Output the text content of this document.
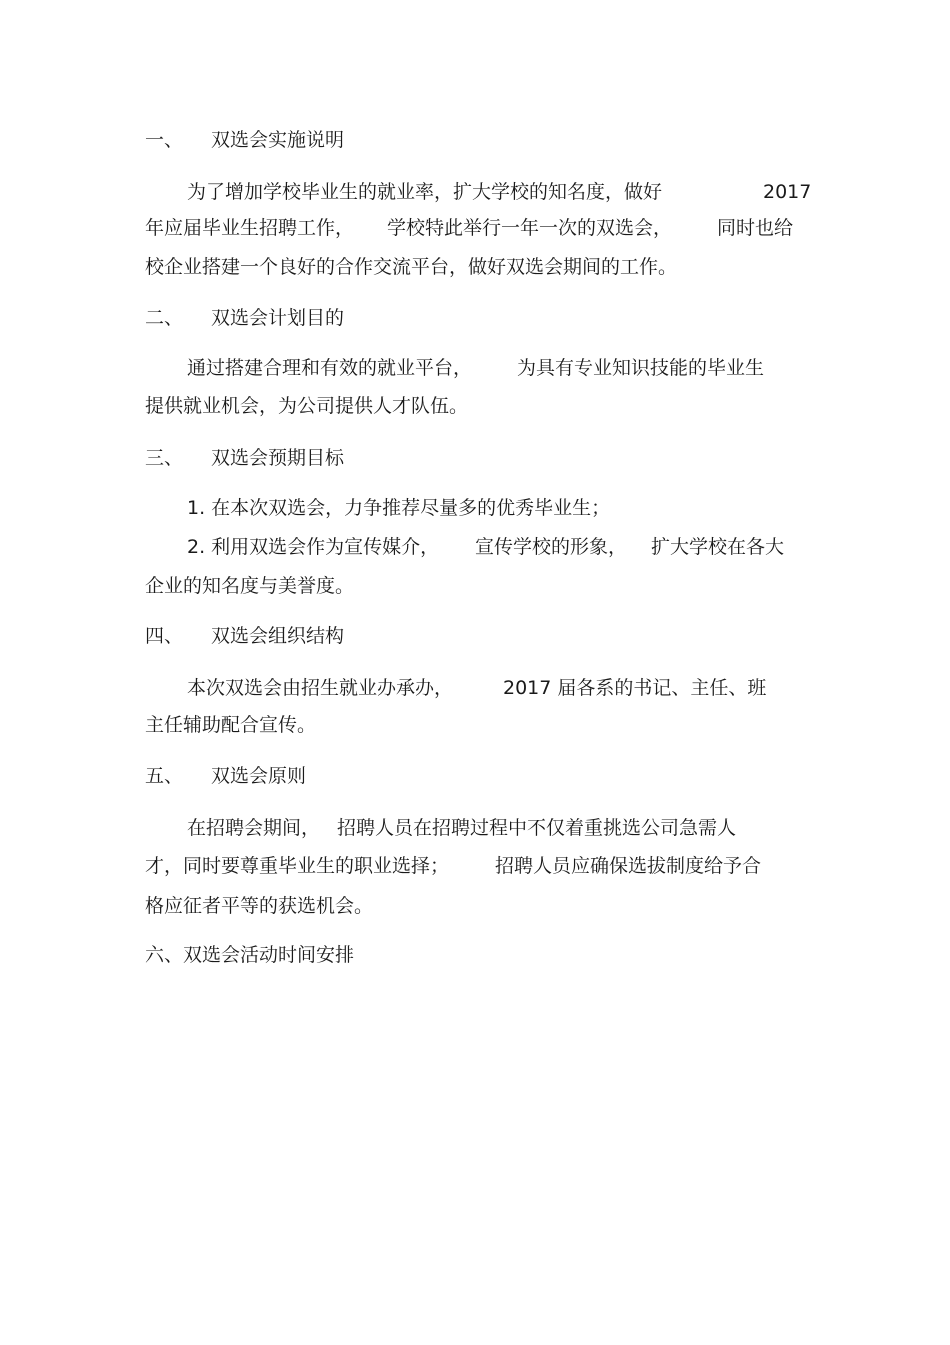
一、 双选会实施说明
为了增加学校毕业生的就业率，扩大学校的知名度，做好	2017
年应届毕业生招聘工作， 学校特此举行一年一次的双选会， 同时也给
校企业搭建一个良好的合作交流平台，做好双选会期间的工作。
二、 双选会计划目的
通过搭建合理和有效的就业平台， 为具有专业知识技能的毕业生
提供就业机会，为公司提供人才队伍。
三、 双选会预期目标
1. 在本次双选会，力争推荐尽量多的优秀毕业生；
2. 利用双选会作为宣传媒介， 宣传学校的形象， 扩大学校在各大
企业的知名度与美誉度。
四、 双选会组织结构
本次双选会由招生就业办承办，	2017 届各系的书记、主任、班
主任辅助配合宣传。
五、 双选会原则
在招聘会期间， 招聘人员在招聘过程中不仅着重挑选公司急需人
才，同时要尊重毕业生的职业选择； 招聘人员应确保选拔制度给予合
格应征者平等的获选机会。
六、双选会活动时间安排
